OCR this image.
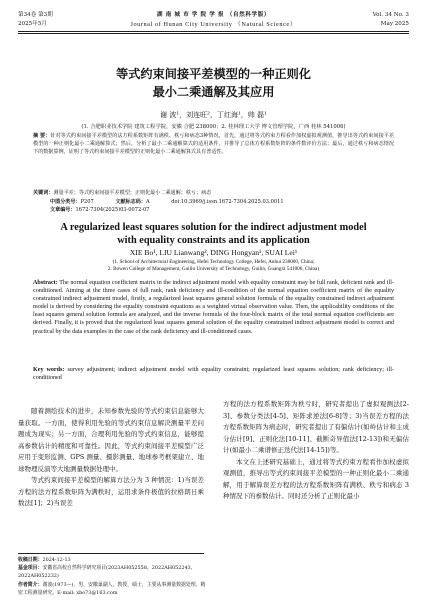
第34卷 第3期	湖 南 城 市 学 院 学 报 （自然科学版）	Vol. 34 No. 3
2025年5月	Journal of Hunan City University （Natural Science）	May 2025
等式约束间接平差模型的一种正则化
最小二乘通解及其应用
谢 波¹，刘连旺²，丁红海¹，帅 磊¹
(1. 合肥职业技术学院 建筑工程学院，安徽 合肥 238000；2. 桂林理工大学 博文管理学院，广西 桂林 541006)
摘 要：针对等式约束间接平差模型的法方程系数矩阵有满秩、秩亏和病态3种情况，首先，通过将等式约束方程看作加权虚拟观测值，推导出等式约束间接平差模型的一种正则化最小二乘通解算式；然后，分析了最小二乘通解算式的适用条件，并推导了总体方程系数矩阵的条件数评价方法；最后，通过秩亏和病态情况下的数据算例，证明了等式约束间接平差模型的正则化最小二乘通解算式具有普适性。
关键词：测量平差；等式约束间接平差模型；正则化最小二乘通解；秩亏；病态
中图分类号：P207	文献标志码：A	doi:10.3969/j.issn.1672-7304.2025.03.0011
文章编号：1672-7304(2025)03-0072-07
A regularized least squares solution for the indirect adjustment model with equality constraints and its application
XIE Bo¹, LIU Lianwang², DING Hongyan¹, SUAI Lei¹
(1. School of Architectural Engineering, Hefei Technology College, Hefei, Anhui 238000, China;
2. Bowen College of Management, Guilin University of Technology, Guilin, Guangxi 541006, China)
Abstract: The normal equation coefficient matrix in the indirect adjustment model with equality constraint may be full rank, deficient rank and ill-conditioned. Aiming at the three cases of full rank, rank deficiency and ill-condition of the normal equation coefficient matrix of the equality constrained indirect adjustment model, firstly, a regularized least squares general solution formula of the equality constrained indirect adjustment model is derived by considering the equality constraint equations as a weighted virtual observation value. Then, the applicability conditions of the least squares general solution formula are analyzed, and the inverse formula of the four-block matrix of the total normal equation coefficients are derived. Finally, it is proved that the regularized least squares general solution of the equality constrained indirect adjustment model is correct and practical by the data examples in the case of the rank deficiency and ill-conditioned cases.
Key words: survey adjustment; indirect adjustment model with equality constraint; regularized least squares solution; rank deficiency; ill-conditioned

随着测绘技术的进步，未知参数先验的等式约束信息能够大量获取。一方面，使得利用先验的等式约束信息解决测量平差问题成为现实；另一方面，合理利用先验的等式约束信息，能够提高参数估计的精度和可靠性。因此，等式约束间接平差模型广泛应用于变形监测、GPS 测量、摄影测量、地球参考框架建立、地球物理反演等大地测量数据处理中。

等式约束间接平差模型的解算方法分为 3 种情况：1)当误差方程的法方程系数矩阵为满秩时，运用求条件极值的拉格朗日乘数法[1]；2)当误差

方程的法方程系数矩阵为秩亏时，研究者提出了虚拟观测法[2-3]、参数分类法[4-5]、矩阵求逆法[6-8]等；3)当误差方程的法方程系数矩阵为病态时，研究者提出了有偏估计(如岭估计和主成分估计[9]、正则化法[10-11]、截断奇异值法[12-13])和无偏估计(如最小二乘谱修正迭代法[14-15])等。

本文在上述研究基础上，通过将等式约束方程看作加权虚拟观测值，推导出等式约束间接平差模型的一种正则化最小二乘通解，用于解算误差方程的法方程系数矩阵有满秩、秩亏和病态 3 种情况下的参数估计。同时还分析了正则化最小

收稿日期：2024-12-13
基金项目：安徽省高校自然科学研究项目(2023AH052558、2022AH052243、2022AH052232)
作者简介：谢波(1973—)，男，安徽巢湖人，教授，硕士，主要从事测量数据处理、精密工程测量研究。E-mail: xbo73@163.com
